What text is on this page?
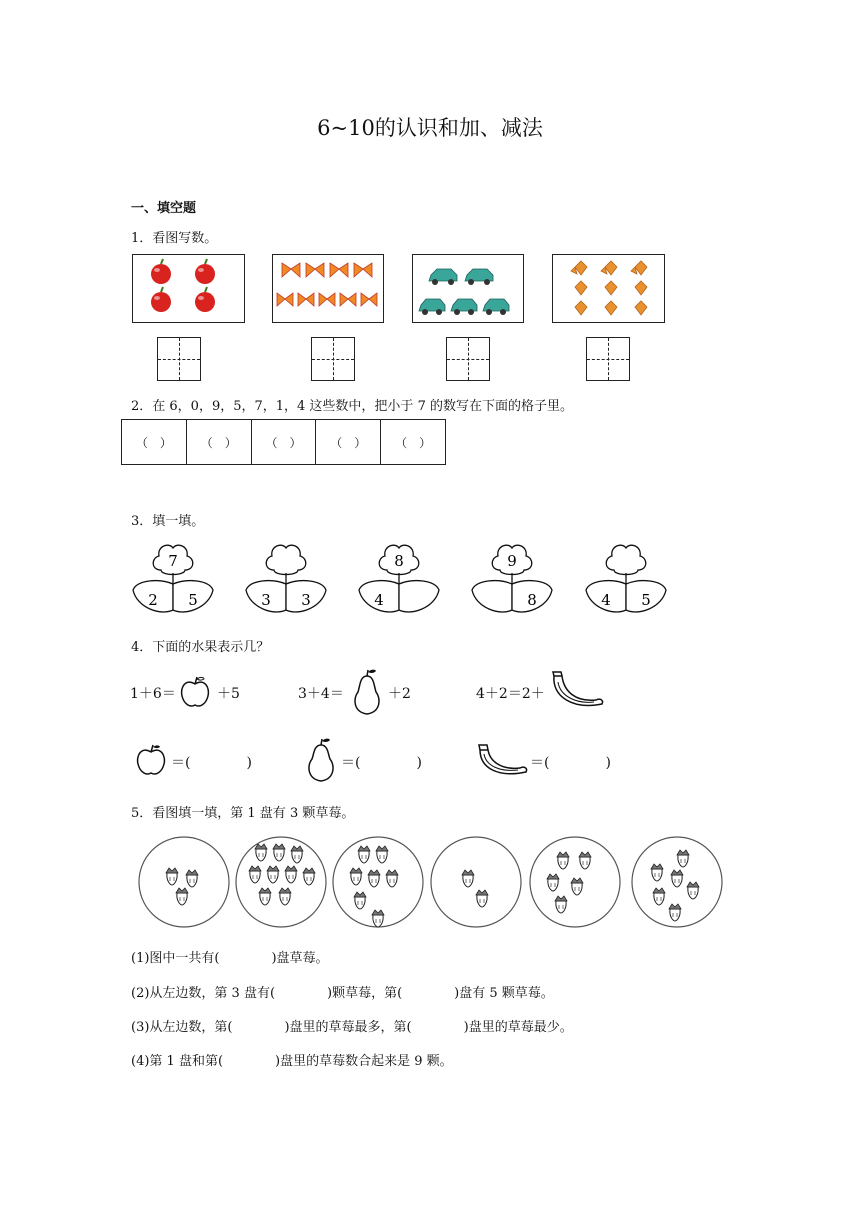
6~10的认识和加、减法
一、填空题
1．看图写数。
2．在 6，0，9，5，7，1，4 这些数中，把小于 7 的数写在下面的格子里。
（　）	（　）	（　）	（　）	（　）
3．填一填。
7
2 5	3 3
8
4
9
8	4 5
4．下面的水果表示几？
1＋6＝	＋5	3＋4＝	＋2	4＋2＝2＋
＝(　　　　)	＝(　　　　)	＝(　　　　)
5．看图填一填，第 1 盘有 3 颗草莓。
(1)图中一共有(　　　　)盘草莓。
(2)从左边数，第 3 盘有(　　　　)颗草莓，第(　　　　)盘有 5 颗草莓。
(3)从左边数，第(　　　　)盘里的草莓最多，第(　　　　)盘里的草莓最少。
(4)第 1 盘和第(　　　　)盘里的草莓数合起来是 9 颗。
